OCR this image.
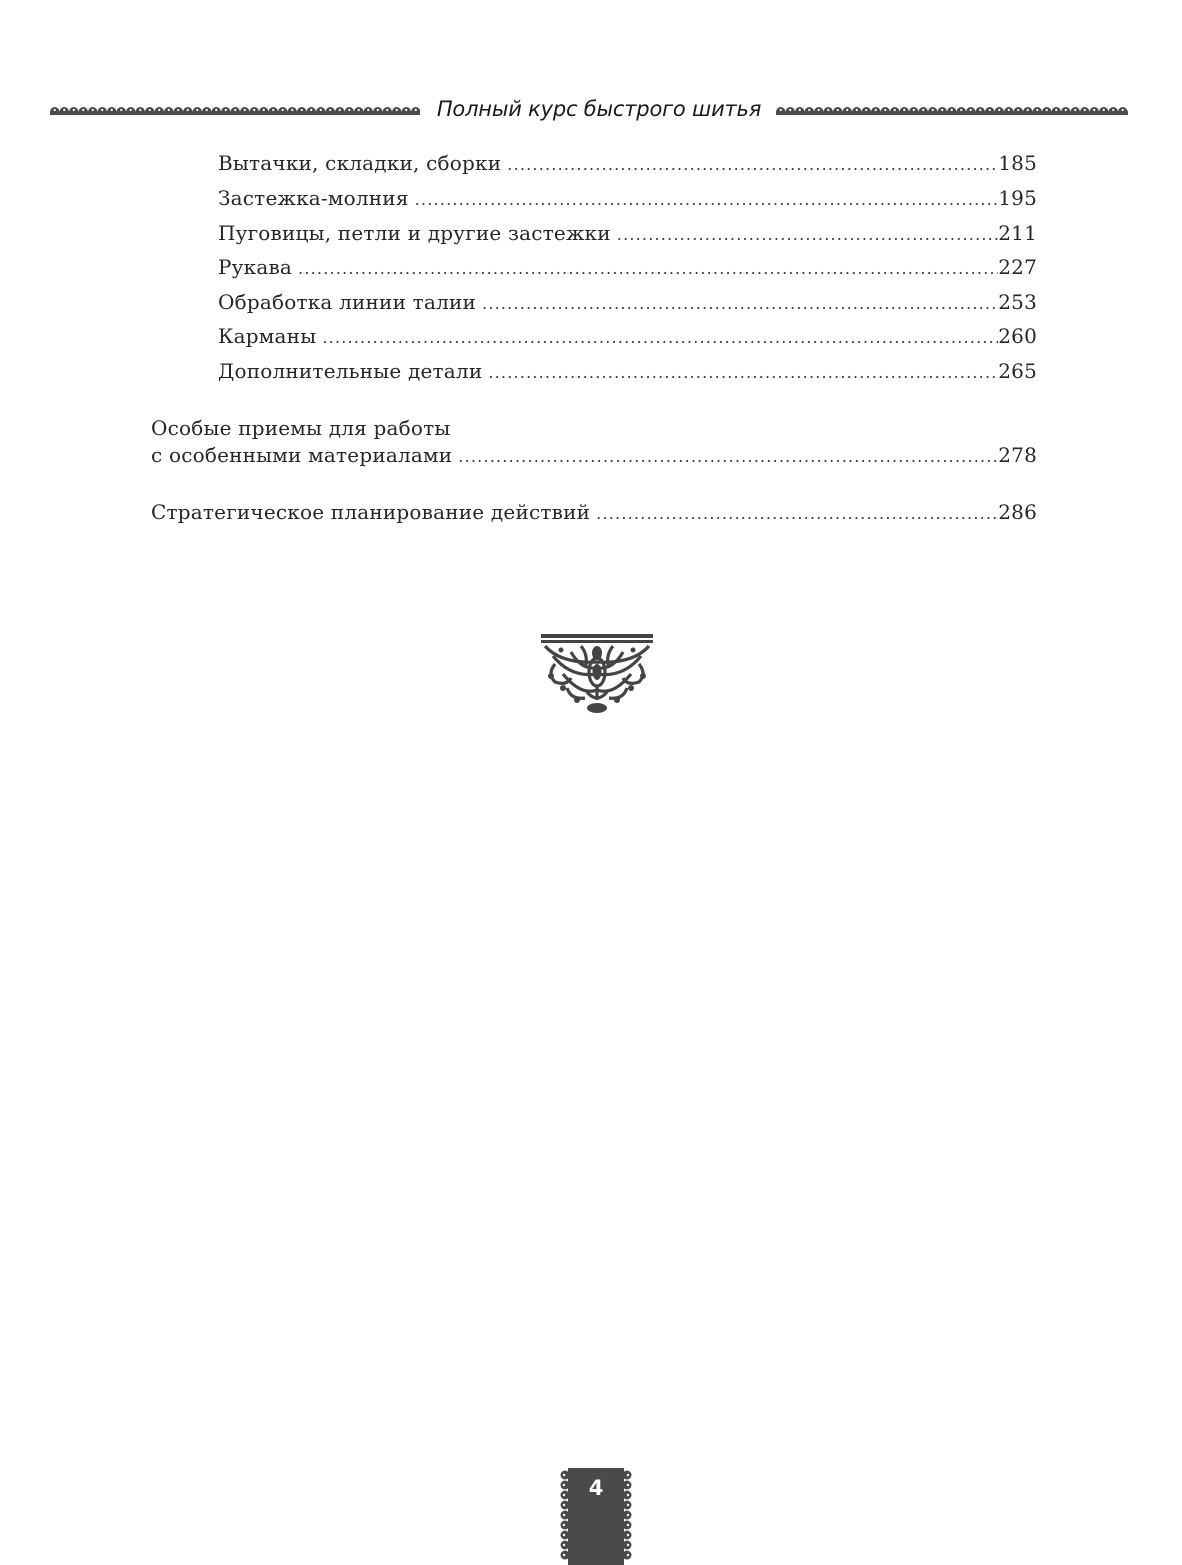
Полный курс быстрого шитья
Вытачки, складки, сборки .....	185
Застежка-молния .....	195
Пуговицы, петли и другие застежки .....	211
Рукава .....	227
Обработка линии талии .....	253
Карманы .....	260
Дополнительные детали .....	265
Особые приемы для работы
с особенными материалами .....	278
Стратегическое планирование действий .....	286
4
